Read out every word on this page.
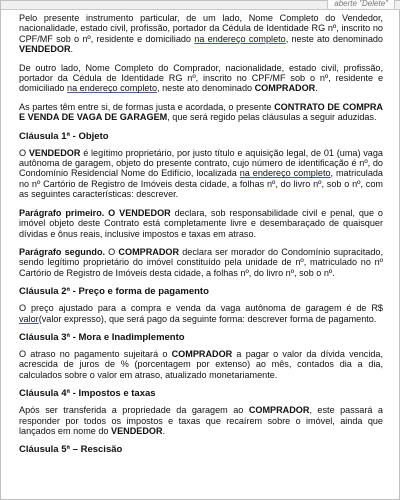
aberte "Delete"

Pelo presente instrumento particular, de um lado, Nome Completo do Vendedor, nacionalidade, estado civil, profissão, portador da Cédula de Identidade RG nº, inscrito no CPF/MF sob o nº, residente e domiciliado na endereço completo, neste ato denominado VENDEDOR.

De outro lado, Nome Completo do Comprador, nacionalidade, estado civil, profissão, portador da Cédula de Identidade RG nº, inscrito no CPF/MF sob o nº, residente e domiciliado na endereço completo, neste ato denominado COMPRADOR.

As partes têm entre si, de formas justa e acordada, o presente CONTRATO DE COMPRA E VENDA DE VAGA DE GARAGEM, que será regido pelas cláusulas a seguir aduzidas.

Cláusula 1ª - Objeto

O VENDEDOR é legítimo proprietário, por justo título e aquisição legal, de 01 (uma) vaga autônoma de garagem, objeto do presente contrato, cujo número de identificação é nº, do Condomínio Residencial Nome do Edifício, localizada na endereço completo, matriculada no nº Cartório de Registro de Imóveis desta cidade, a folhas nº, do livro nº, sob o nº, com as seguintes características: descrever.

Parágrafo primeiro. O VENDEDOR declara, sob responsabilidade civil e penal, que o imóvel objeto deste Contrato está completamente livre e desembaraçado de quaisquer dívidas e ônus reais, inclusive impostos e taxas em atraso.

Parágrafo segundo. O COMPRADOR declara ser morador do Condomínio supracitado, sendo legítimo proprietário do imóvel constituído pela unidade de nº, matriculado no nº Cartório de Registro de Imóveis desta cidade, a folhas nº, do livro nº, sob o nº.

Cláusula 2ª - Preço e forma de pagamento

O preço ajustado para a compra e venda da vaga autônoma de garagem é de R$ valor(valor expresso), que será pago da seguinte forma: descrever forma de pagamento.

Cláusula 3ª - Mora e Inadimplemento

O atraso no pagamento sujeitará o COMPRADOR a pagar o valor da dívida vencida, acrescida de juros de % (porcentagem por extenso) ao mês, contados dia a dia, calculados sobre o valor em atraso, atualizado monetariamente.

Cláusula 4ª - Impostos e taxas

Após ser transferida a propriedade da garagem ao COMPRADOR, este passará a responder por todos os impostos e taxas que recaírem sobre o imóvel, ainda que lançados em nome do VENDEDOR.

Cláusula 5ª – Rescisão
